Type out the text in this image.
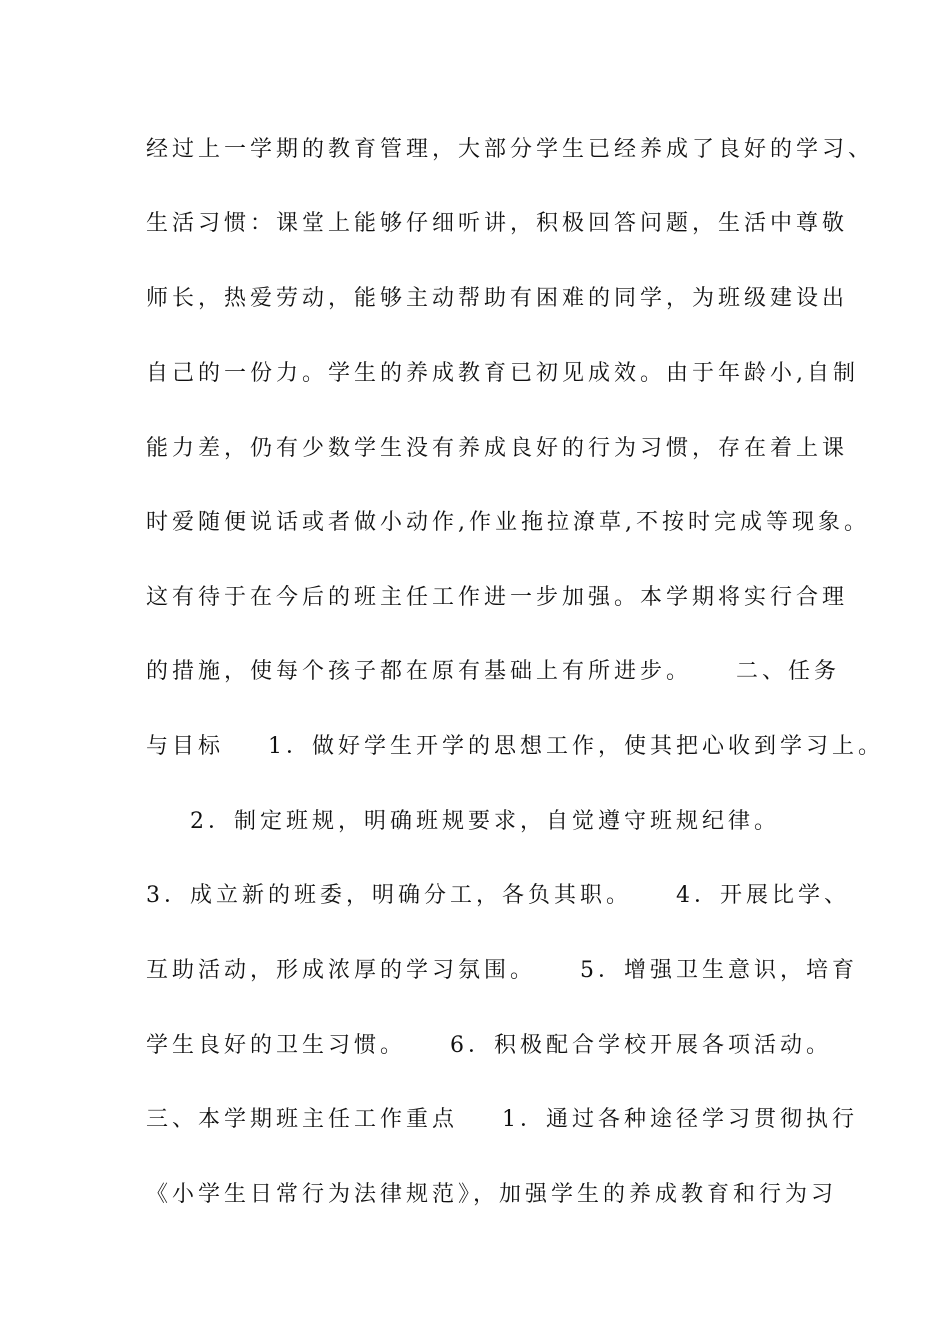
经过上一学期的教育管理，大部分学生已经养成了良好的学习、
生活习惯：课堂上能够仔细听讲，积极回答问题，生活中尊敬
师长，热爱劳动，能够主动帮助有困难的同学，为班级建设出
自己的一份力。学生的养成教育已初见成效。由于年龄小,自制
能力差，仍有少数学生没有养成良好的行为习惯，存在着上课
时爱随便说话或者做小动作,作业拖拉潦草,不按时完成等现象。
这有待于在今后的班主任工作进一步加强。本学期将实行合理
的措施，使每个孩子都在原有基础上有所进步。    二、任务
与目标    1．做好学生开学的思想工作，使其把心收到学习上。
2．制定班规，明确班规要求，自觉遵守班规纪律。
3．成立新的班委，明确分工，各负其职。    4．开展比学、
互助活动，形成浓厚的学习氛围。    5．增强卫生意识，培育
学生良好的卫生习惯。    6．积极配合学校开展各项活动。
三、本学期班主任工作重点    1．通过各种途径学习贯彻执行
《小学生日常行为法律规范》，加强学生的养成教育和行为习
